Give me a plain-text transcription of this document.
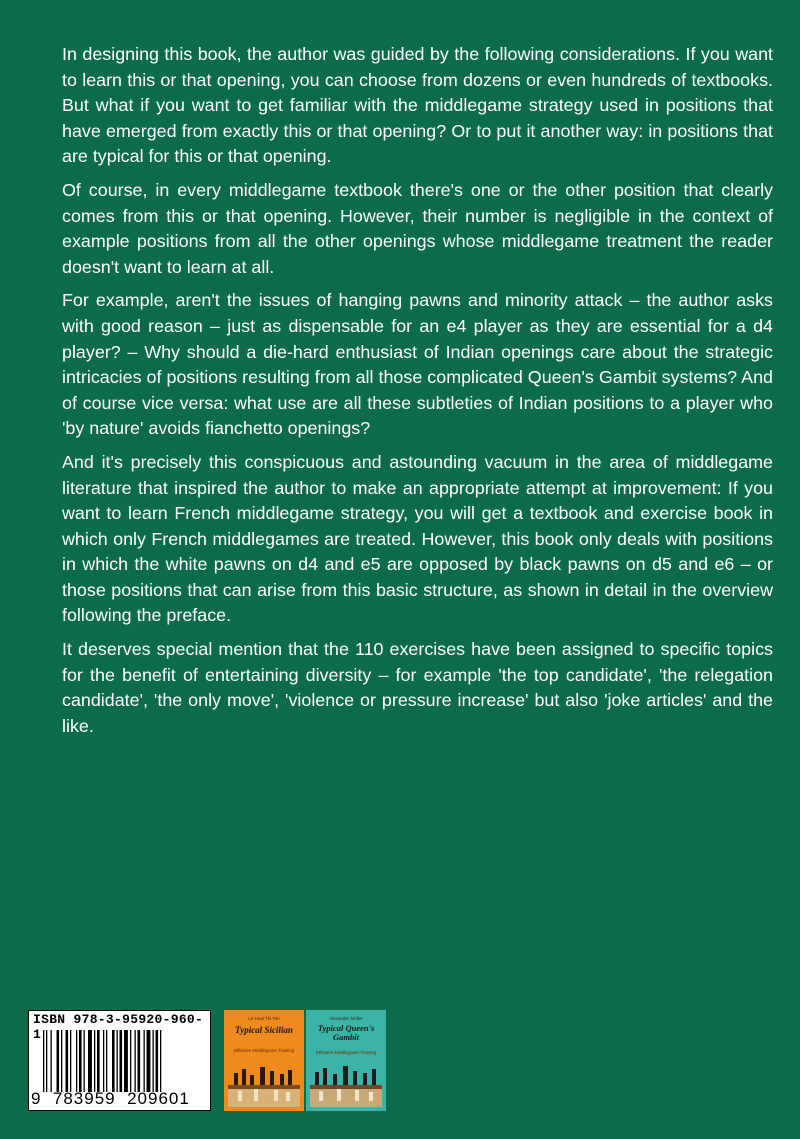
In designing this book, the author was guided by the following considerations. If you want to learn this or that opening, you can choose from dozens or even hundreds of textbooks. But what if you want to get familiar with the middlegame strategy used in positions that have emerged from exactly this or that opening? Or to put it another way: in positions that are typical for this or that opening.

Of course, in every middlegame textbook there's one or the other position that clearly comes from this or that opening. However, their number is negligible in the context of example positions from all the other openings whose middlegame treatment the reader doesn't want to learn at all.

For example, aren't the issues of hanging pawns and minority attack – the author asks with good reason – just as dispensable for an e4 player as they are essential for a d4 player? – Why should a die-hard enthusiast of Indian openings care about the strategic intricacies of positions resulting from all those complicated Queen's Gambit systems? And of course vice versa: what use are all these subtleties of Indian positions to a player who 'by nature' avoids fianchetto openings?

And it's precisely this conspicuous and astounding vacuum in the area of middlegame literature that inspired the author to make an appropriate attempt at improvement: If you want to learn French middlegame strategy, you will get a textbook and exercise book in which only French middlegames are treated. However, this book only deals with positions in which the white pawns on d4 and e5 are opposed by black pawns on d5 and e6 – or those positions that can arise from this basic structure, as shown in detail in the overview following the preface.

It deserves special mention that the 110 exercises have been assigned to specific topics for the benefit of entertaining diversity – for example 'the top candidate', 'the relegation candidate', 'the only move', 'violence or pressure increase' but also 'joke articles' and the like.

ISBN 978-3-95920-960-1
9  783959  209601
Le Hoai Thi Ton
Typical Sicilian
Effective Middlegame Training
Alexander Müller
Typical Queen's Gambit
Effective Middlegame Training
